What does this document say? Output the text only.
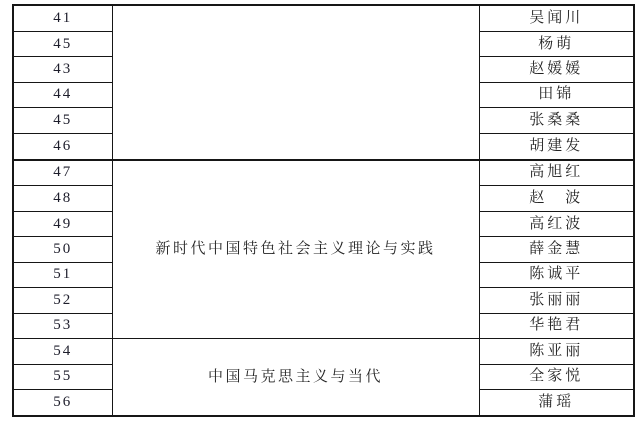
41		吴闻川
45		杨萌
43		赵媛媛
44		田锦
45		张桑桑
46		胡建发
47	新时代中国特色社会主义理论与实践	高旭红
48		赵　波
49		高红波
50		薛金慧
51		陈诚平
52		张丽丽
53		华艳君
54	中国马克思主义与当代	陈亚丽
55		全家悦
56		蒲瑶
